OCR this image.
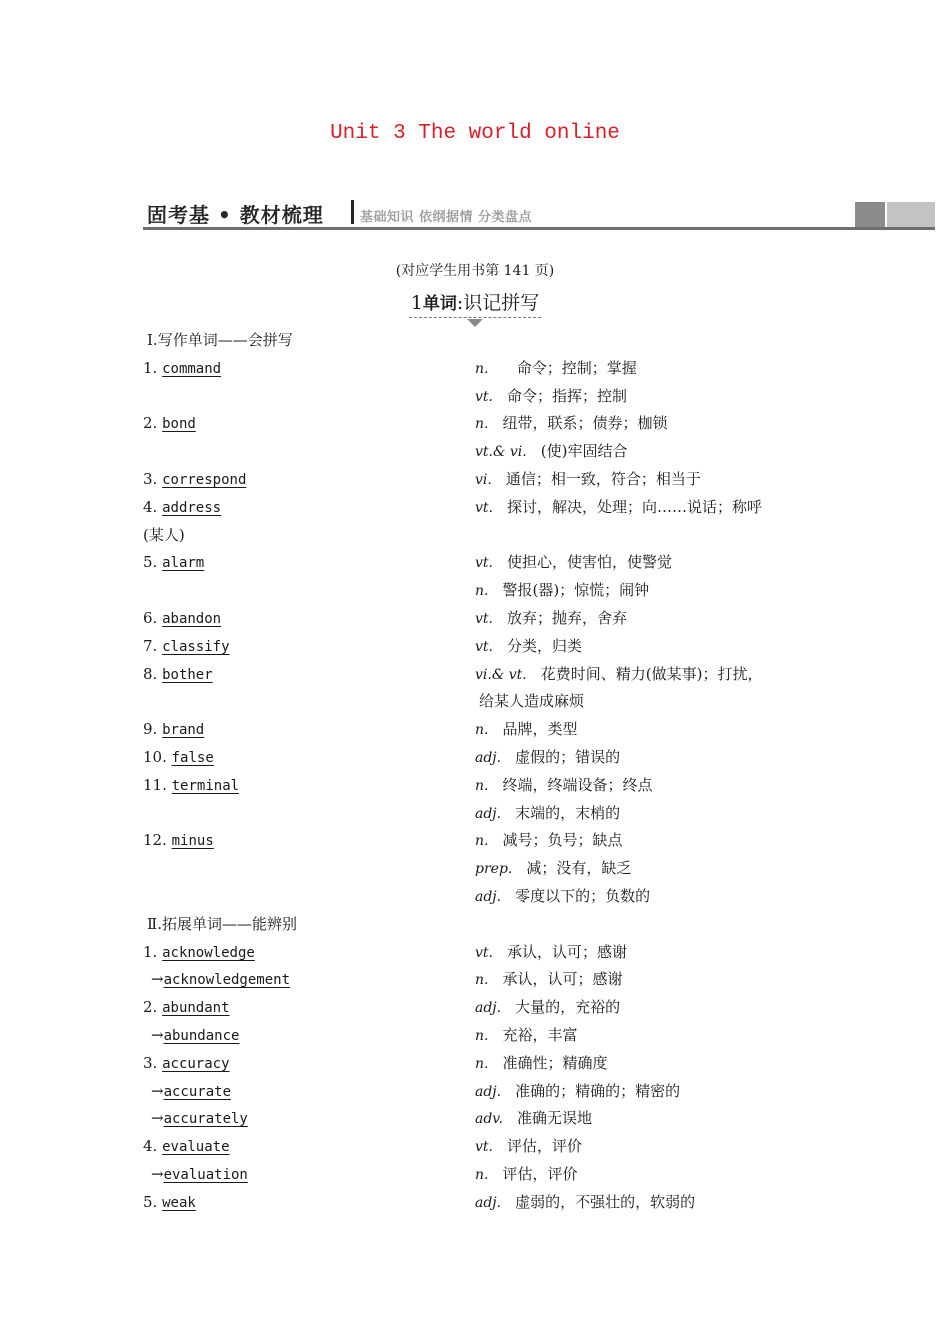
Unit 3 The world online
固考基 • 教材梳理	基础知识 依纲据情 分类盘点
(对应学生用书第 141 页)
1单词:识记拼写
Ⅰ.写作单词——会拼写
1. command	n.   命令；控制；掌握
vt. 命令；指挥；控制
2. bond	n. 纽带，联系；债券；枷锁
vt.& vi. (使)牢固结合
3. correspond	vi. 通信；相一致，符合；相当于
4. address	vt. 探讨，解决，处理；向……说话；称呼
(某人)
5. alarm	vt. 使担心，使害怕，使警觉
n. 警报(器)；惊慌；闹钟
6. abandon	vt. 放弃；抛弃，舍弃
7. classify	vt. 分类，归类
8. bother	vi.& vt. 花费时间、精力(做某事)；打扰，
给某人造成麻烦
9. brand	n. 品牌，类型
10. false	adj. 虚假的；错误的
11. terminal	n. 终端，终端设备；终点
adj. 末端的，末梢的
12. minus	n. 减号；负号；缺点
prep. 减；没有，缺乏
adj. 零度以下的；负数的
Ⅱ.拓展单词——能辨别
1. acknowledge	vt. 承认，认可；感谢
→acknowledgement	n. 承认，认可；感谢
2. abundant	adj. 大量的，充裕的
→abundance	n. 充裕，丰富
3. accuracy	n. 准确性；精确度
→accurate	adj. 准确的；精确的；精密的
→accurately	adv. 准确无误地
4. evaluate	vt. 评估，评价
→evaluation	n. 评估，评价
5. weak	adj. 虚弱的，不强壮的，软弱的
